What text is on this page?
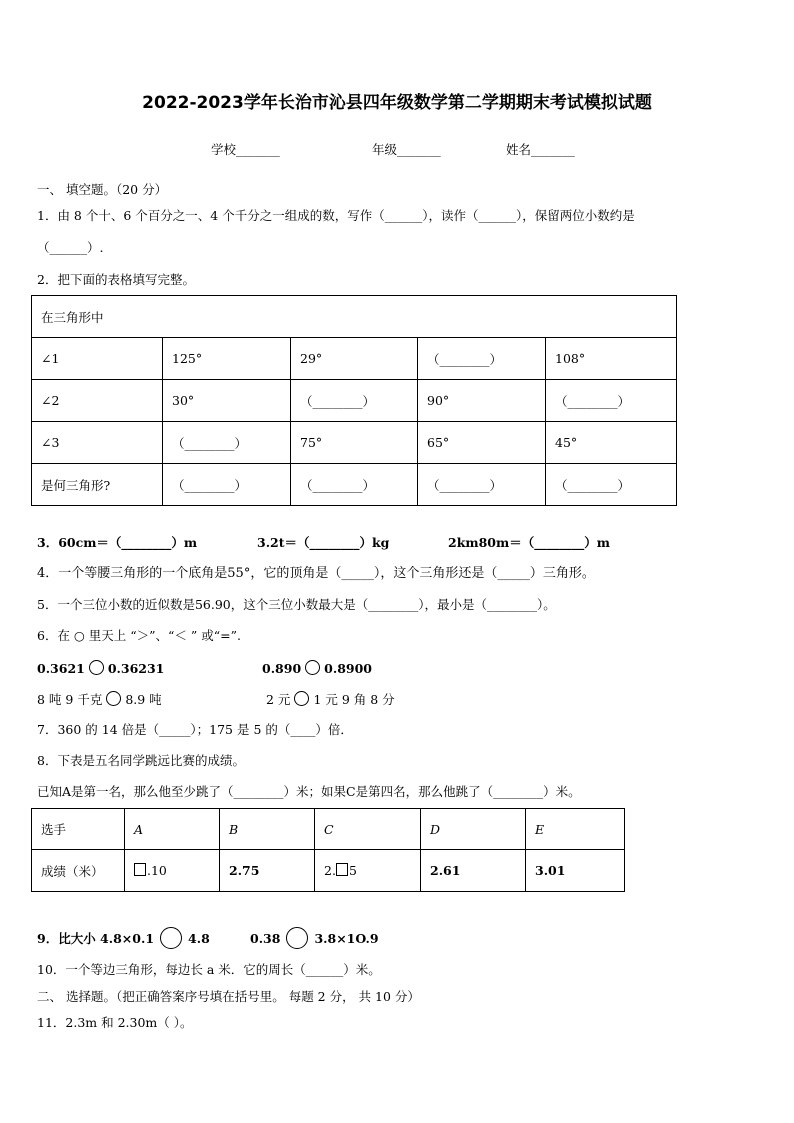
2022-2023学年长治市沁县四年级数学第二学期期末考试模拟试题
学校_______	年级_______	姓名_______
一、 填空题。（20 分）
1．由 8 个十、6 个百分之一、4 个千分之一组成的数，写作（______），读作（______），保留两位小数约是
（______）.
2．把下面的表格填写完整。
在三角形中				
∠1	125°	29°	（________）	108°
∠2	30°	（________）	90°	（________）
∠3	（________）	75°	65°	45°
是何三角形?	（________）	（________）	（________）	（________）
3．60cm＝（________）m	3.2t＝（________）kg	2km80m＝（________）m
4．一个等腰三角形的一个底角是55°，它的顶角是（_____），这个三角形还是（_____）三角形。
5．一个三位小数的近似数是56.90，这个三位小数最大是（________），最小是（________）。
6．在 ○ 里天上 “＞”、“＜ ” 或“=”.
0.3621 0.36231	0.890 0.8900
8 吨 9 千克 8.9 吨	2 元 1 元 9 角 8 分
7．360 的 14 倍是（_____）；175 是 5 的（____）倍．
8．下表是五名同学跳远比赛的成绩。
已知A是第一名，那么他至少跳了（________）米；如果C是第四名，那么他跳了（________）米。
选手	A	B	C	D	E
成绩（米）	.10	2.75	2. 5	2.61	3.01
9．比大小 4.8×0.1	4.8	0.38	3.8×1O.9
10．一个等边三角形，每边长 a 米．它的周长（______）米。
二、 选择题。（把正确答案序号填在括号里。 每题 2 分， 共 10 分）
11．2.3m 和 2.30m（ ）。
